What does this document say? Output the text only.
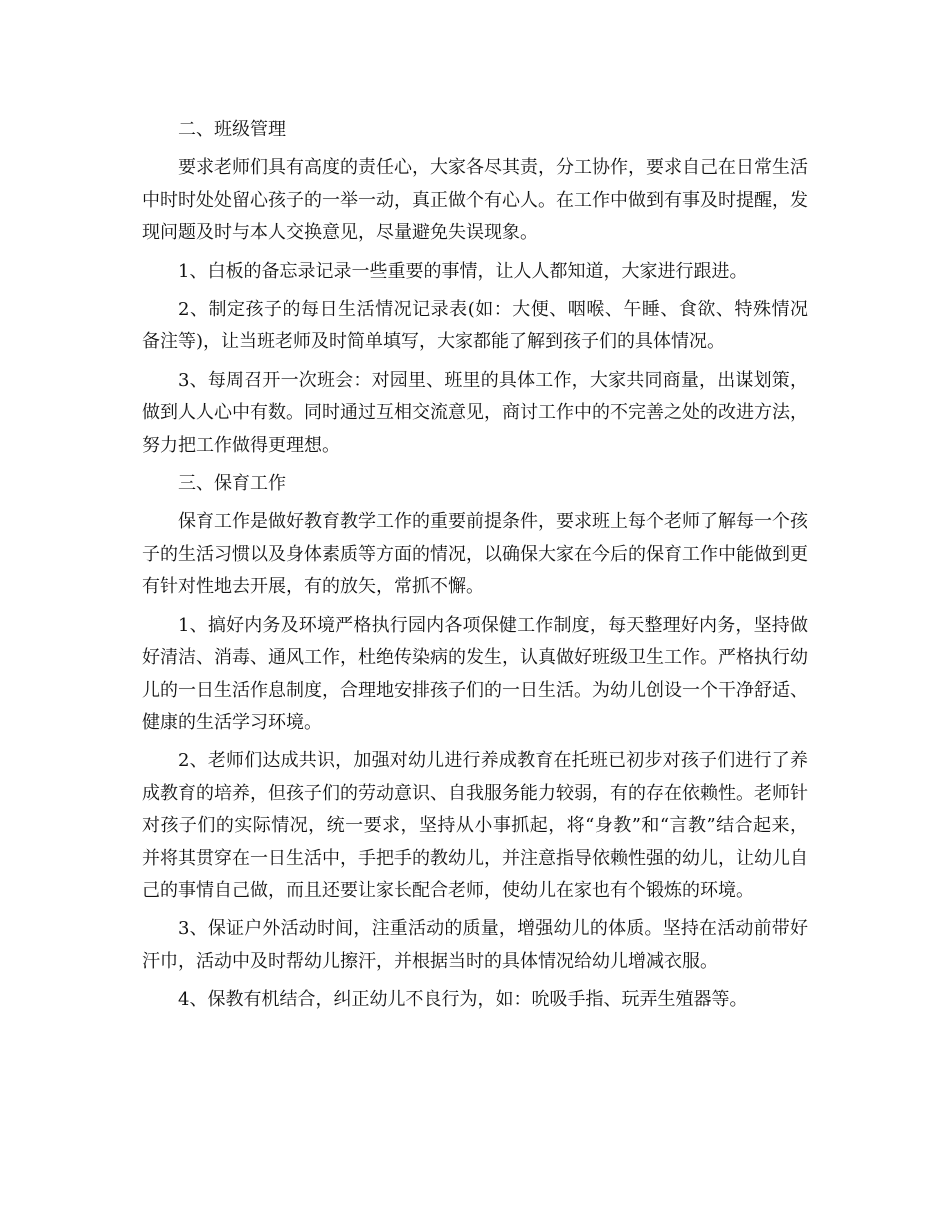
二、班级管理

要求老师们具有高度的责任心，大家各尽其责，分工协作，要求自己在日常生活中时时处处留心孩子的一举一动，真正做个有心人。在工作中做到有事及时提醒，发现问题及时与本人交换意见，尽量避免失误现象。

1、白板的备忘录记录一些重要的事情，让人人都知道，大家进行跟进。

2、制定孩子的每日生活情况记录表(如：大便、咽喉、午睡、食欲、特殊情况备注等)，让当班老师及时简单填写，大家都能了解到孩子们的具体情况。

3、每周召开一次班会：对园里、班里的具体工作，大家共同商量，出谋划策，做到人人心中有数。同时通过互相交流意见，商讨工作中的不完善之处的改进方法，努力把工作做得更理想。

三、保育工作

保育工作是做好教育教学工作的重要前提条件，要求班上每个老师了解每一个孩子的生活习惯以及身体素质等方面的情况，以确保大家在今后的保育工作中能做到更有针对性地去开展，有的放矢，常抓不懈。

1、搞好内务及环境严格执行园内各项保健工作制度，每天整理好内务，坚持做好清洁、消毒、通风工作，杜绝传染病的发生，认真做好班级卫生工作。严格执行幼儿的一日生活作息制度，合理地安排孩子们的一日生活。为幼儿创设一个干净舒适、健康的生活学习环境。

2、老师们达成共识，加强对幼儿进行养成教育在托班已初步对孩子们进行了养成教育的培养，但孩子们的劳动意识、自我服务能力较弱，有的存在依赖性。老师针对孩子们的实际情况，统一要求，坚持从小事抓起，将“身教”和“言教”结合起来，并将其贯穿在一日生活中，手把手的教幼儿，并注意指导依赖性强的幼儿，让幼儿自己的事情自己做，而且还要让家长配合老师，使幼儿在家也有个锻炼的环境。

3、保证户外活动时间，注重活动的质量，增强幼儿的体质。坚持在活动前带好汗巾，活动中及时帮幼儿擦汗，并根据当时的具体情况给幼儿增减衣服。

4、保教有机结合，纠正幼儿不良行为，如：吮吸手指、玩弄生殖器等。
